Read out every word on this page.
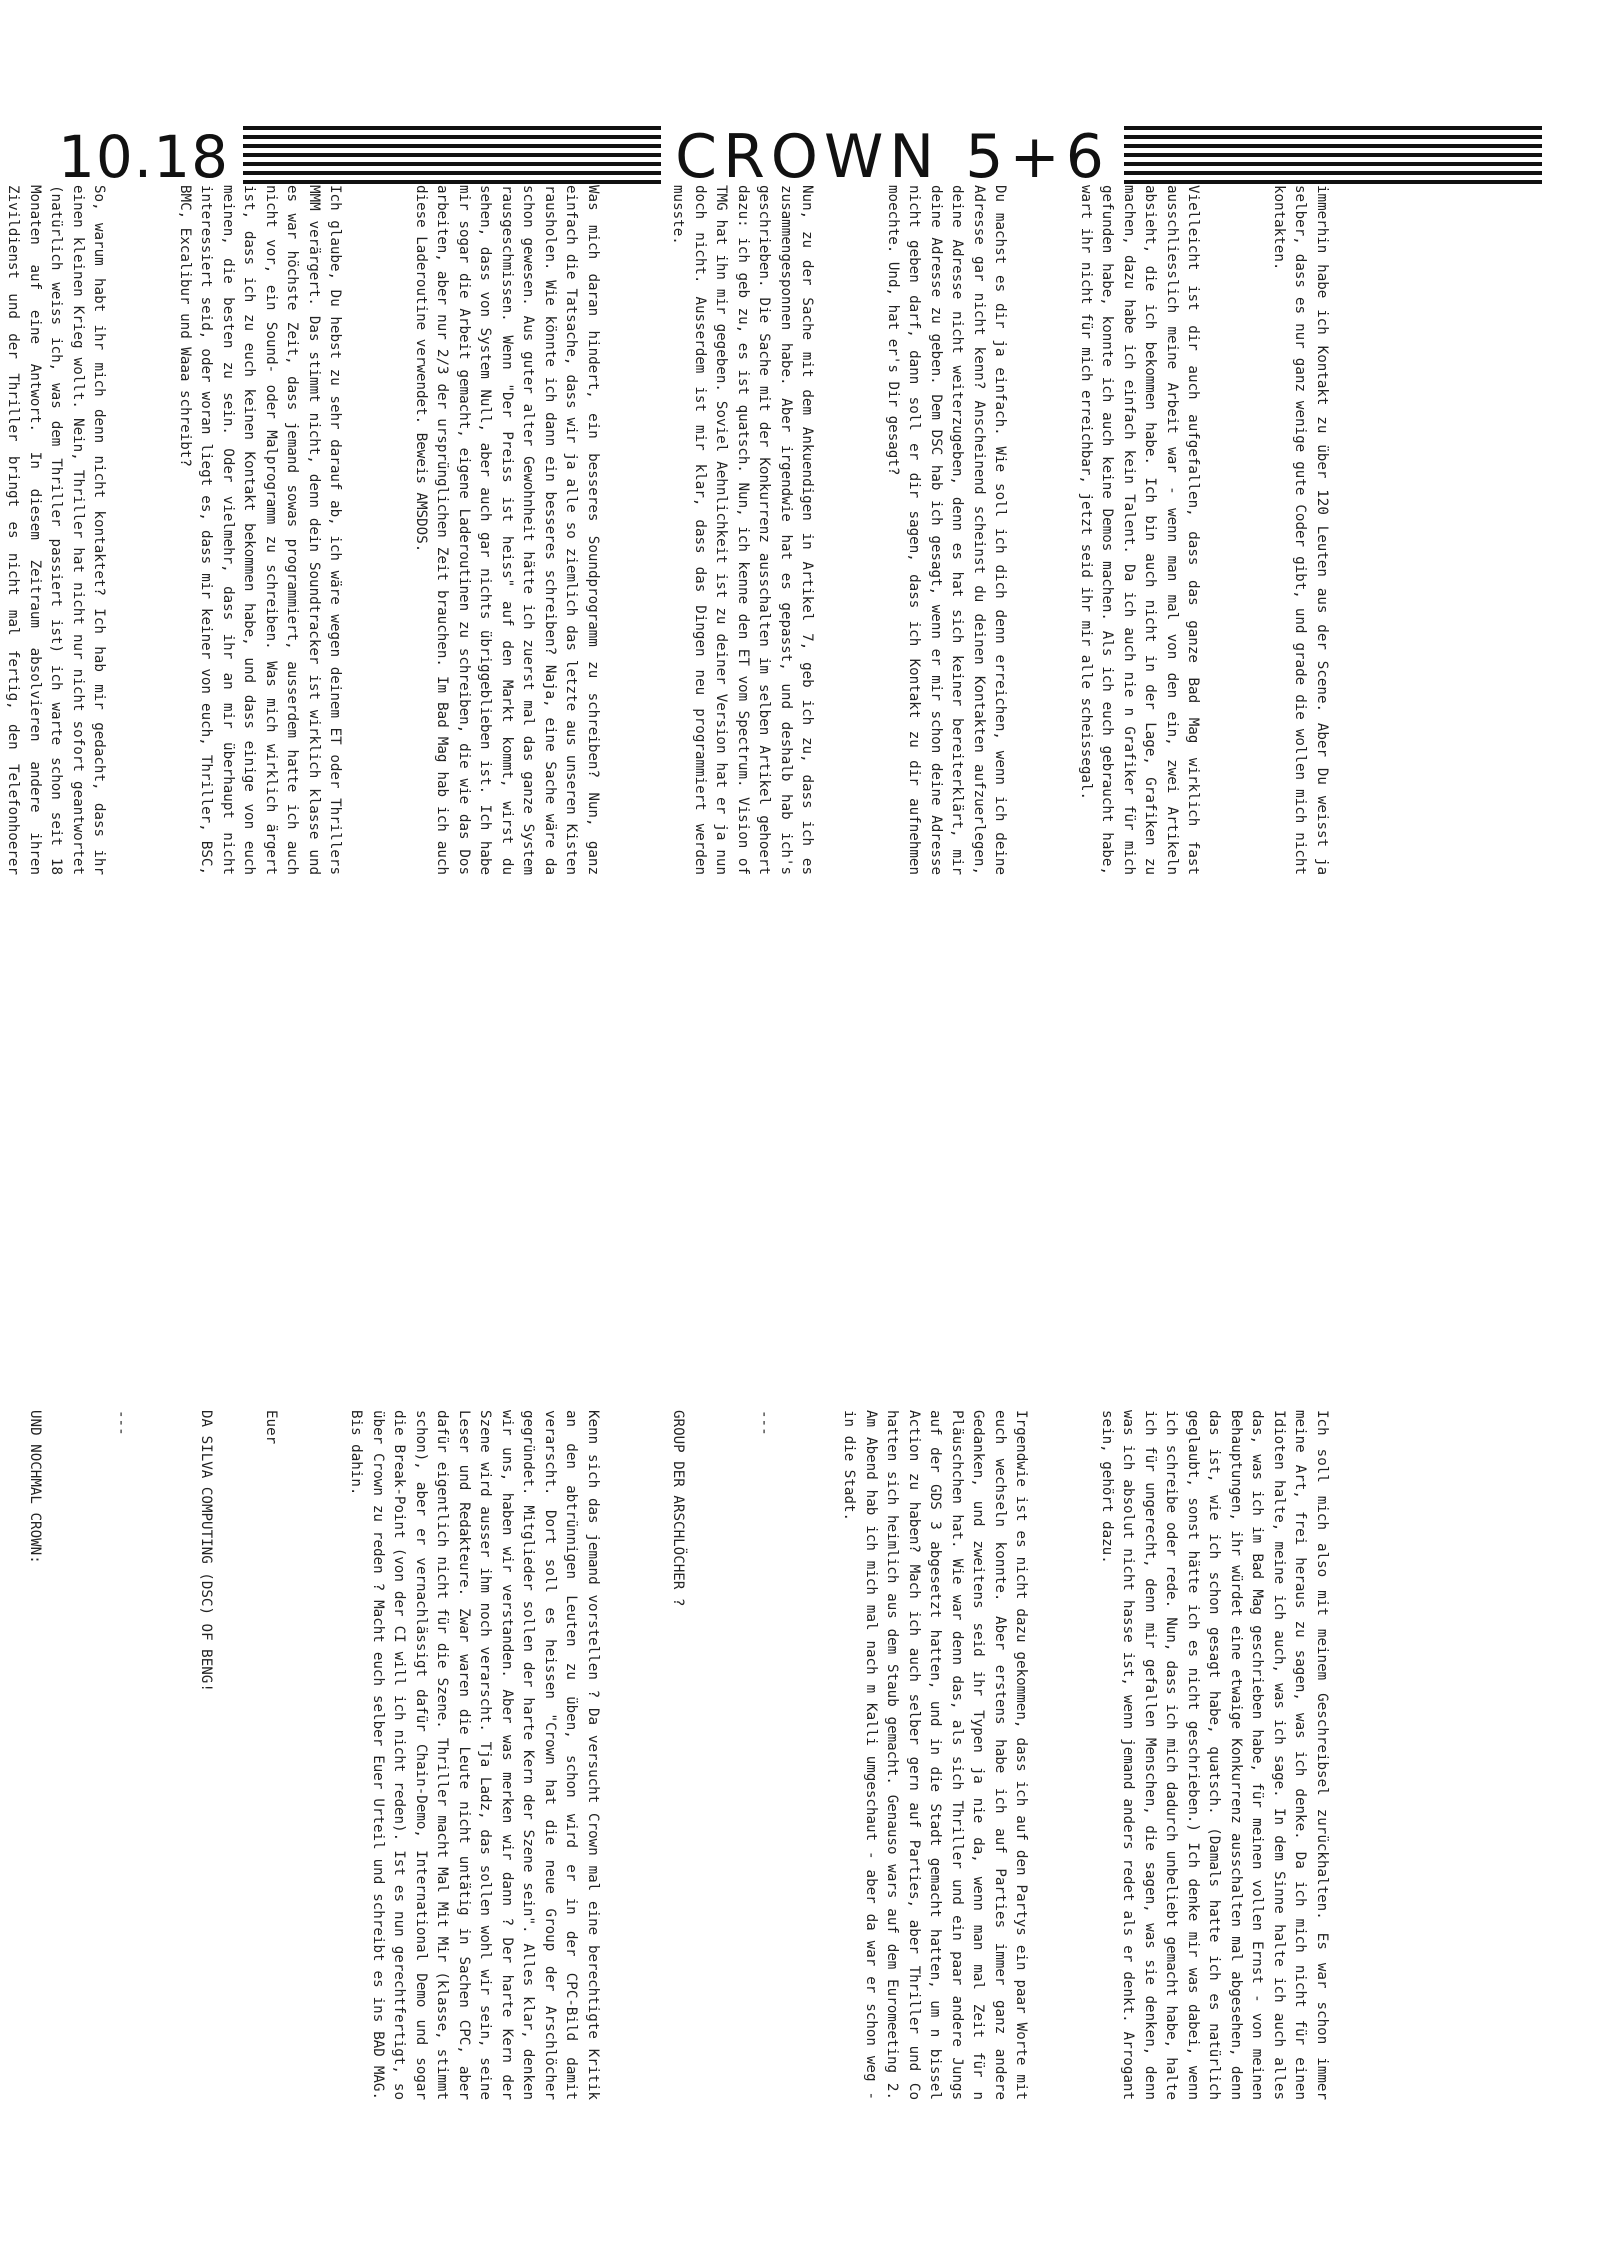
10.18	CROWN 5+6

immerhin habe ich Kontakt zu über 120 Leuten aus der Scene. Aber Du weisst ja selber, dass es nur ganz wenige gute Coder gibt, und grade die wollen mich nicht kontakten.

Vielleicht ist dir auch aufgefallen, dass das ganze Bad Mag wirklich fast ausschliesslich meine Arbeit war - wenn man mal von den ein, zwei Artikeln absieht, die ich bekommen habe. Ich bin auch nicht in der Lage, Grafiken zu machen, dazu habe ich einfach kein Talent. Da ich auch nie n Grafiker für mich gefunden habe, konnte ich auch keine Demos machen. Als ich euch gebraucht habe, wart ihr nicht für mich erreichbar, jetzt seid ihr mir alle scheissegal.

Du machst es dir ja einfach. Wie soll ich dich denn erreichen, wenn ich deine Adresse gar nicht kenn? Anscheinend scheinst du deinen Kontakten aufzuerlegen, deine Adresse nicht weiterzugeben, denn es hat sich keiner bereiterklärt, mir deine Adresse zu geben. Dem DSC hab ich gesagt, wenn er mir schon deine Adresse nicht geben darf, dann soll er dir sagen, dass ich Kontakt zu dir aufnehmen moechte. Und, hat er's Dir gesagt?

Nun, zu der Sache mit dem Ankuendigen in Artikel 7, geb ich zu, dass ich es zusammengesponnen habe. Aber irgendwie hat es gepasst, und deshalb hab ich's geschrieben. Die Sache mit der Konkurrenz ausschalten im selben Artikel gehoert dazu: ich geb zu, es ist quatsch. Nun, ich kenne den ET vom Spectrum. Vision of TMG hat ihn mir gegeben. Soviel Aehnlichkeit ist zu deiner Version hat er ja nun doch nicht. Ausserdem ist mir klar, dass das Dingen neu programmiert werden musste.

Was mich daran hindert, ein besseres Soundprogramm zu schreiben? Nun, ganz einfach die Tatsache, dass wir ja alle so ziemlich das letzte aus unseren Kisten rausholen. Wie könnte ich dann ein besseres schreiben? Naja, eine Sache wäre da schon gewesen. Aus guter alter Gewohnheit hätte ich zuerst mal das ganze System rausgeschmissen. Wenn "Der Preiss ist heiss" auf den Markt kommt, wirst du sehen, dass von System Null, aber auch gar nichts übriggeblieben ist. Ich habe mir sogar die Arbeit gemacht, eigene Laderoutinen zu schreiben, die wie das Dos arbeiten, aber nur 2/3 der ursprünglichen Zeit brauchen. Im Bad Mag hab ich auch diese Laderoutine verwendet. Beweis AMSDOS.

Ich glaube, Du hebst zu sehr darauf ab, ich wäre wegen deinem ET oder Thrillers MMM verärgert. Das stimmt nicht, denn dein Soundtracker ist wirklich klasse und es war höchste Zeit, dass jemand sowas programmiert, ausserdem hatte ich auch nicht vor, ein Sound- oder Malprogramm zu schreiben. Was mich wirklich ärgert ist, dass ich zu euch keinen Kontakt bekommen habe, und dass einige von euch meinen, die besten zu sein. Oder vielmehr, dass ihr an mir überhaupt nicht interessiert seid, oder woran liegt es, dass mir keiner von euch, Thriller, BSC, BMC, Excalibur und Waaa schreibt?

So, warum habt ihr mich denn nicht kontaktet? Ich hab mir gedacht, dass ihr einen kleinen Krieg wollt. Nein, Thriller hat nicht nur nicht sofort geantwortet (natürlich weiss ich, was dem Thriller passiert ist) ich warte schon seit 18 Monaten auf eine Antwort. In diesem Zeitraum absolvieren andere ihren Zivildienst und der Thriller bringt es nicht mal fertig, den Telefonhoerer

Ich soll mich also mit meinem Geschreibsel zurückhalten. Es war schon immer meine Art, frei heraus zu sagen, was ich denke. Da ich mich nicht für einen Idioten halte, meine ich auch, was ich sage. In dem Sinne halte ich auch alles das, was ich im Bad Mag geschrieben habe, für meinen vollen Ernst - von meinen Behauptungen, ihr würdet eine etwaige Konkurrenz ausschalten mal abgesehen, denn das ist, wie ich schon gesagt habe, quatsch. (Damals hatte ich es natürlich geglaubt, sonst hätte ich es nicht geschrieben.) Ich denke mir was dabei, wenn ich schreibe oder rede. Nun, dass ich mich dadurch unbeliebt gemacht habe, halte ich für ungerecht, denn mir gefallen Menschen, die sagen, was sie denken, denn was ich absolut nicht hasse ist, wenn jemand anders redet als er denkt. Arrogant sein, gehört dazu.

Irgendwie ist es nicht dazu gekommen, dass ich auf den Partys ein paar Worte mit euch wechseln konnte. Aber erstens habe ich auf Parties immer ganz andere Gedanken, und zweitens seid ihr Typen ja nie da, wenn man mal Zeit für n Pläuschchen hat. Wie war denn das, als sich Thriller und ein paar andere Jungs auf der GDS 3 abgesetzt hatten, und in die Stadt gemacht hatten, um n bissel Action zu haben? Mach ich auch selber gern auf Parties, aber Thriller und Co hatten sich heimlich aus dem Staub gemacht. Genauso wars auf dem Euromeeting 2. Am Abend hab ich mich mal nach m Kalli umgeschaut - aber da war er schon weg - in die Stadt.

---

GROUP DER ARSCHLÖCHER ?

Kenn sich das jemand vorstellen ? Da versucht Crown mal eine berechtigte Kritik an den abtrünnigen Leuten zu üben, schon wird er in der CPC-Bild damit verarscht. Dort soll es heissen "Crown hat die neue Group der Arschlöcher gegründet. Mitglieder sollen der harte Kern der Szene sein". Alles klar, denken wir uns, haben wir verstanden. Aber was merken wir dann ? Der harte Kern der Szene wird ausser ihm noch verarscht. Tja Ladz, das sollen wohl wir sein, seine Leser und Redakteure. Zwar waren die Leute nicht untätig in Sachen CPC, aber dafür eigentlich nicht für die Szene. Thriller macht Mal Mit Mir (klasse, stimmt schon), aber er vernachlässigt dafür Chain-Demo, International Demo und sogar die Break-Point (von der CI will ich nicht reden). Ist es nun gerechtfertigt, so über Crown zu reden ? Macht euch selber Euer Urteil und schreibt es ins BAD MAG. Bis dahin.

Euer

DA SILVA COMPUTING (DSC) OF BENG!

---

UND NOCHMAL CROWN:
